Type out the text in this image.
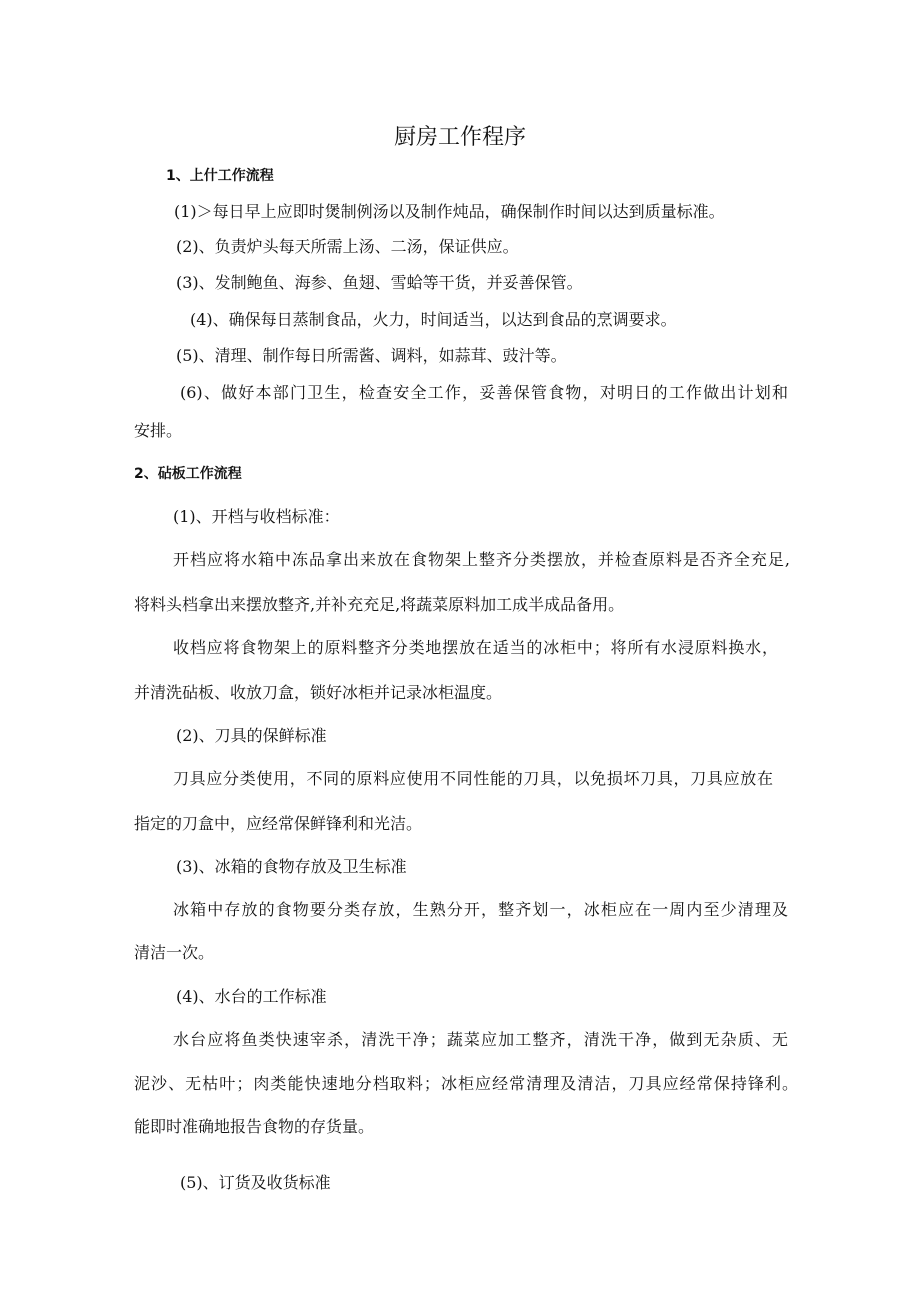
厨房工作程序
1、上什工作流程
(1)＞每日早上应即时煲制例汤以及制作炖品，确保制作时间以达到质量标准。
(2)、负责炉头每天所需上汤、二汤，保证供应。
(3)、发制鲍鱼、海参、鱼翅、雪蛤等干货，并妥善保管。
(4)、确保每日蒸制食品，火力，时间适当，以达到食品的烹调要求。
(5)、清理、制作每日所需酱、调料，如蒜茸、豉汁等。
(6)、做好本部门卫生，检查安全工作，妥善保管食物，对明日的工作做出计划和
安排。
2、砧板工作流程
(1)、开档与收档标准：
开档应将水箱中冻品拿出来放在食物架上整齐分类摆放，并检查原料是否齐全充足,
将料头档拿出来摆放整齐,并补充充足,将蔬菜原料加工成半成品备用。
收档应将食物架上的原料整齐分类地摆放在适当的冰柜中；将所有水浸原料换水，
并清洗砧板、收放刀盒，锁好冰柜并记录冰柜温度。
(2)、刀具的保鲜标准
刀具应分类使用，不同的原料应使用不同性能的刀具，以免损坏刀具，刀具应放在
指定的刀盒中，应经常保鲜锋利和光洁。
(3)、冰箱的食物存放及卫生标准
冰箱中存放的食物要分类存放，生熟分开，整齐划一，冰柜应在一周内至少清理及
清洁一次。
(4)、水台的工作标准
水台应将鱼类快速宰杀，清洗干净；蔬菜应加工整齐，清洗干净，做到无杂质、无
泥沙、无枯叶；肉类能快速地分档取料；冰柜应经常清理及清洁，刀具应经常保持锋利。
能即时准确地报告食物的存货量。
(5)、订货及收货标准
